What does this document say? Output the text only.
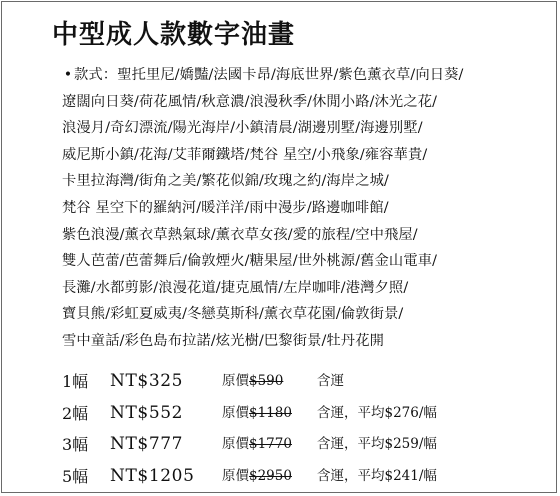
中型成人款數字油畫
• 款式：聖托里尼/嬌豔/法國卡昂/海底世界/紫色薰衣草/向日葵/
遼闊向日葵/荷花風情/秋意濃/浪漫秋季/休閒小路/沐光之花/
浪漫月/奇幻漂流/陽光海岸/小鎮清晨/湖邊別墅/海邊別墅/
威尼斯小鎮/花海/艾菲爾鐵塔/梵谷 星空/小飛象/雍容華貴/
卡里拉海灣/街角之美/繁花似錦/玫瑰之約/海岸之城/
梵谷 星空下的羅納河/暖洋洋/雨中漫步/路邊咖啡館/
紫色浪漫/薰衣草熱氣球/薰衣草女孩/愛的旅程/空中飛屋/
雙人芭蕾/芭蕾舞后/倫敦煙火/糖果屋/世外桃源/舊金山電車/
長灘/水都剪影/浪漫花道/捷克風情/左岸咖啡/港灣夕照/
寶貝熊/彩虹夏威夷/冬戀莫斯科/薰衣草花園/倫敦街景/
雪中童話/彩色島布拉諾/炫光樹/巴黎街景/牡丹花開
1幅 NT$325	原價$590 含運
2幅 NT$552	原價$1180 含運，平均$276/幅
3幅 NT$777	原價$1770 含運，平均$259/幅
5幅 NT$1205 原價$2950 含運，平均$241/幅
